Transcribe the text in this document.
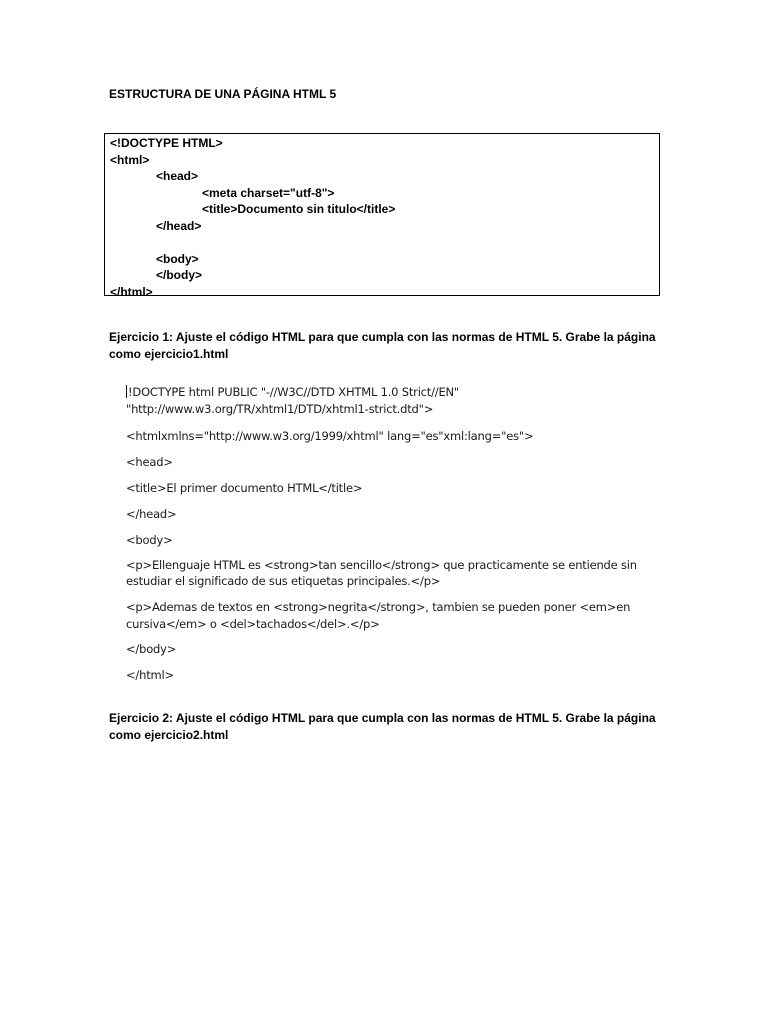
ESTRUCTURA DE UNA PÁGINA HTML 5
<!DOCTYPE HTML>
<html>
<head>
<meta charset="utf-8">
<title>Documento sin titulo</title>
</head>
<body>
</body>
</html>
Ejercicio 1: Ajuste el código HTML para que cumpla con las normas de HTML 5. Grabe la página como ejercicio1.html
!DOCTYPE html PUBLIC "-//W3C//DTD XHTML 1.0 Strict//EN"
"http://www.w3.org/TR/xhtml1/DTD/xhtml1-strict.dtd">
<htmlxmlns="http://www.w3.org/1999/xhtml" lang="es"xml:lang="es">
<head>
<title>El primer documento HTML</title>
</head>
<body>
<p>Ellenguaje HTML es <strong>tan sencillo</strong> que practicamente se entiende sin
estudiar el significado de sus etiquetas principales.</p>
<p>Ademas de textos en <strong>negrita</strong>, tambien se pueden poner <em>en
cursiva</em> o <del>tachados</del>.</p>
</body>
</html>
Ejercicio 2: Ajuste el código HTML para que cumpla con las normas de HTML 5. Grabe la página como ejercicio2.html
